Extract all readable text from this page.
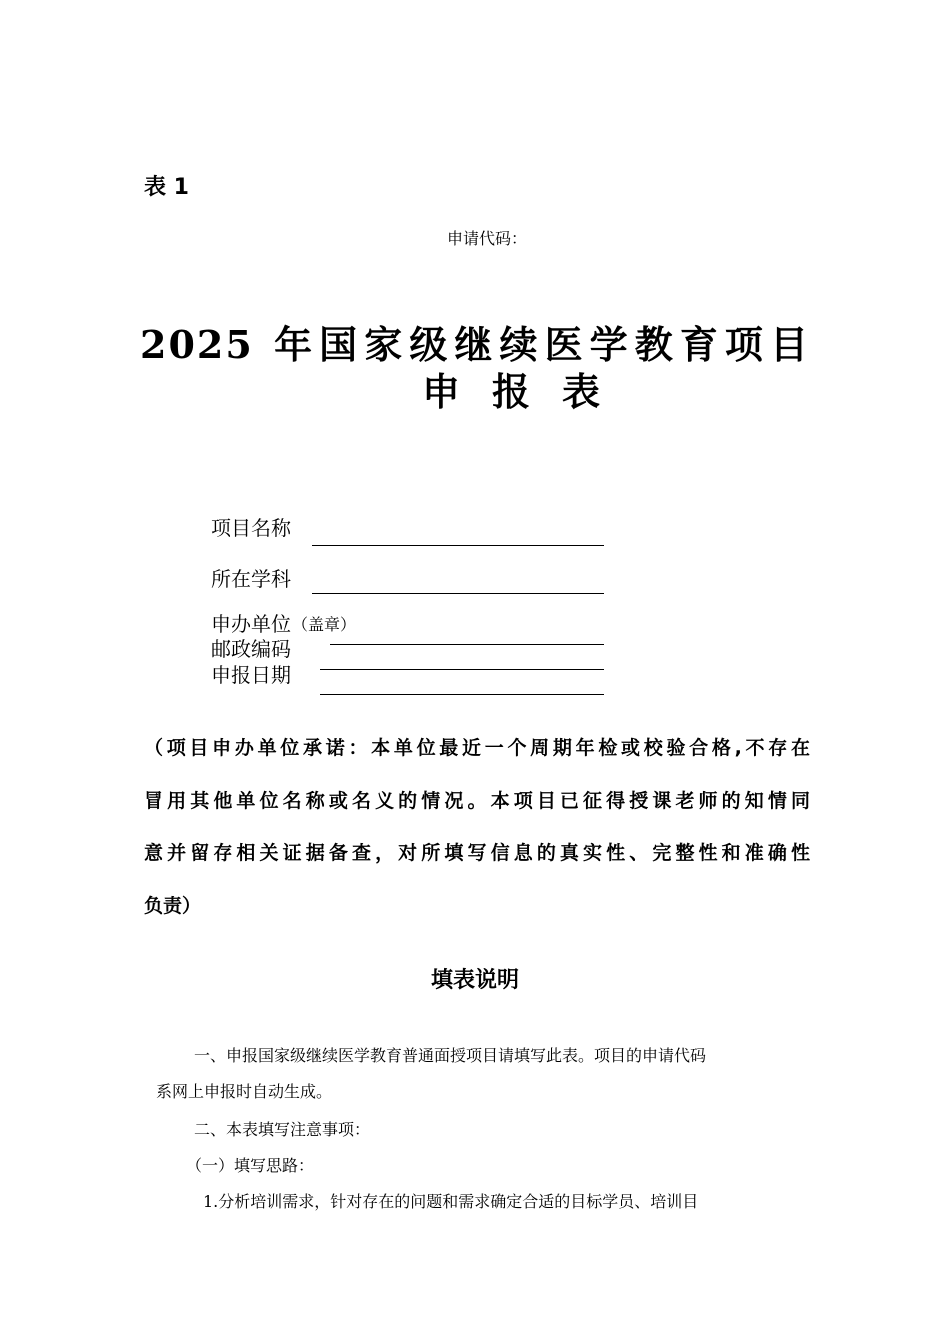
表 1
申请代码：
2025 年国家级继续医学教育项目
申报表
项目名称
所在学科
申办单位 （盖章）
邮政编码
申报日期
（项目申办单位承诺：本单位最近一个周期年检或校验合格,不存在
冒用其他单位名称或名义的情况。本项目已征得授课老师的知情同
意并留存相关证据备查，对所填写信息的真实性、完整性和准确性
负责）
填表说明
一、申报国家级继续医学教育普通面授项目请填写此表。项目的申请代码
系网上申报时自动生成。
二、本表填写注意事项：
（一）填写思路：
1.分析培训需求，针对存在的问题和需求确定合适的目标学员、培训目
